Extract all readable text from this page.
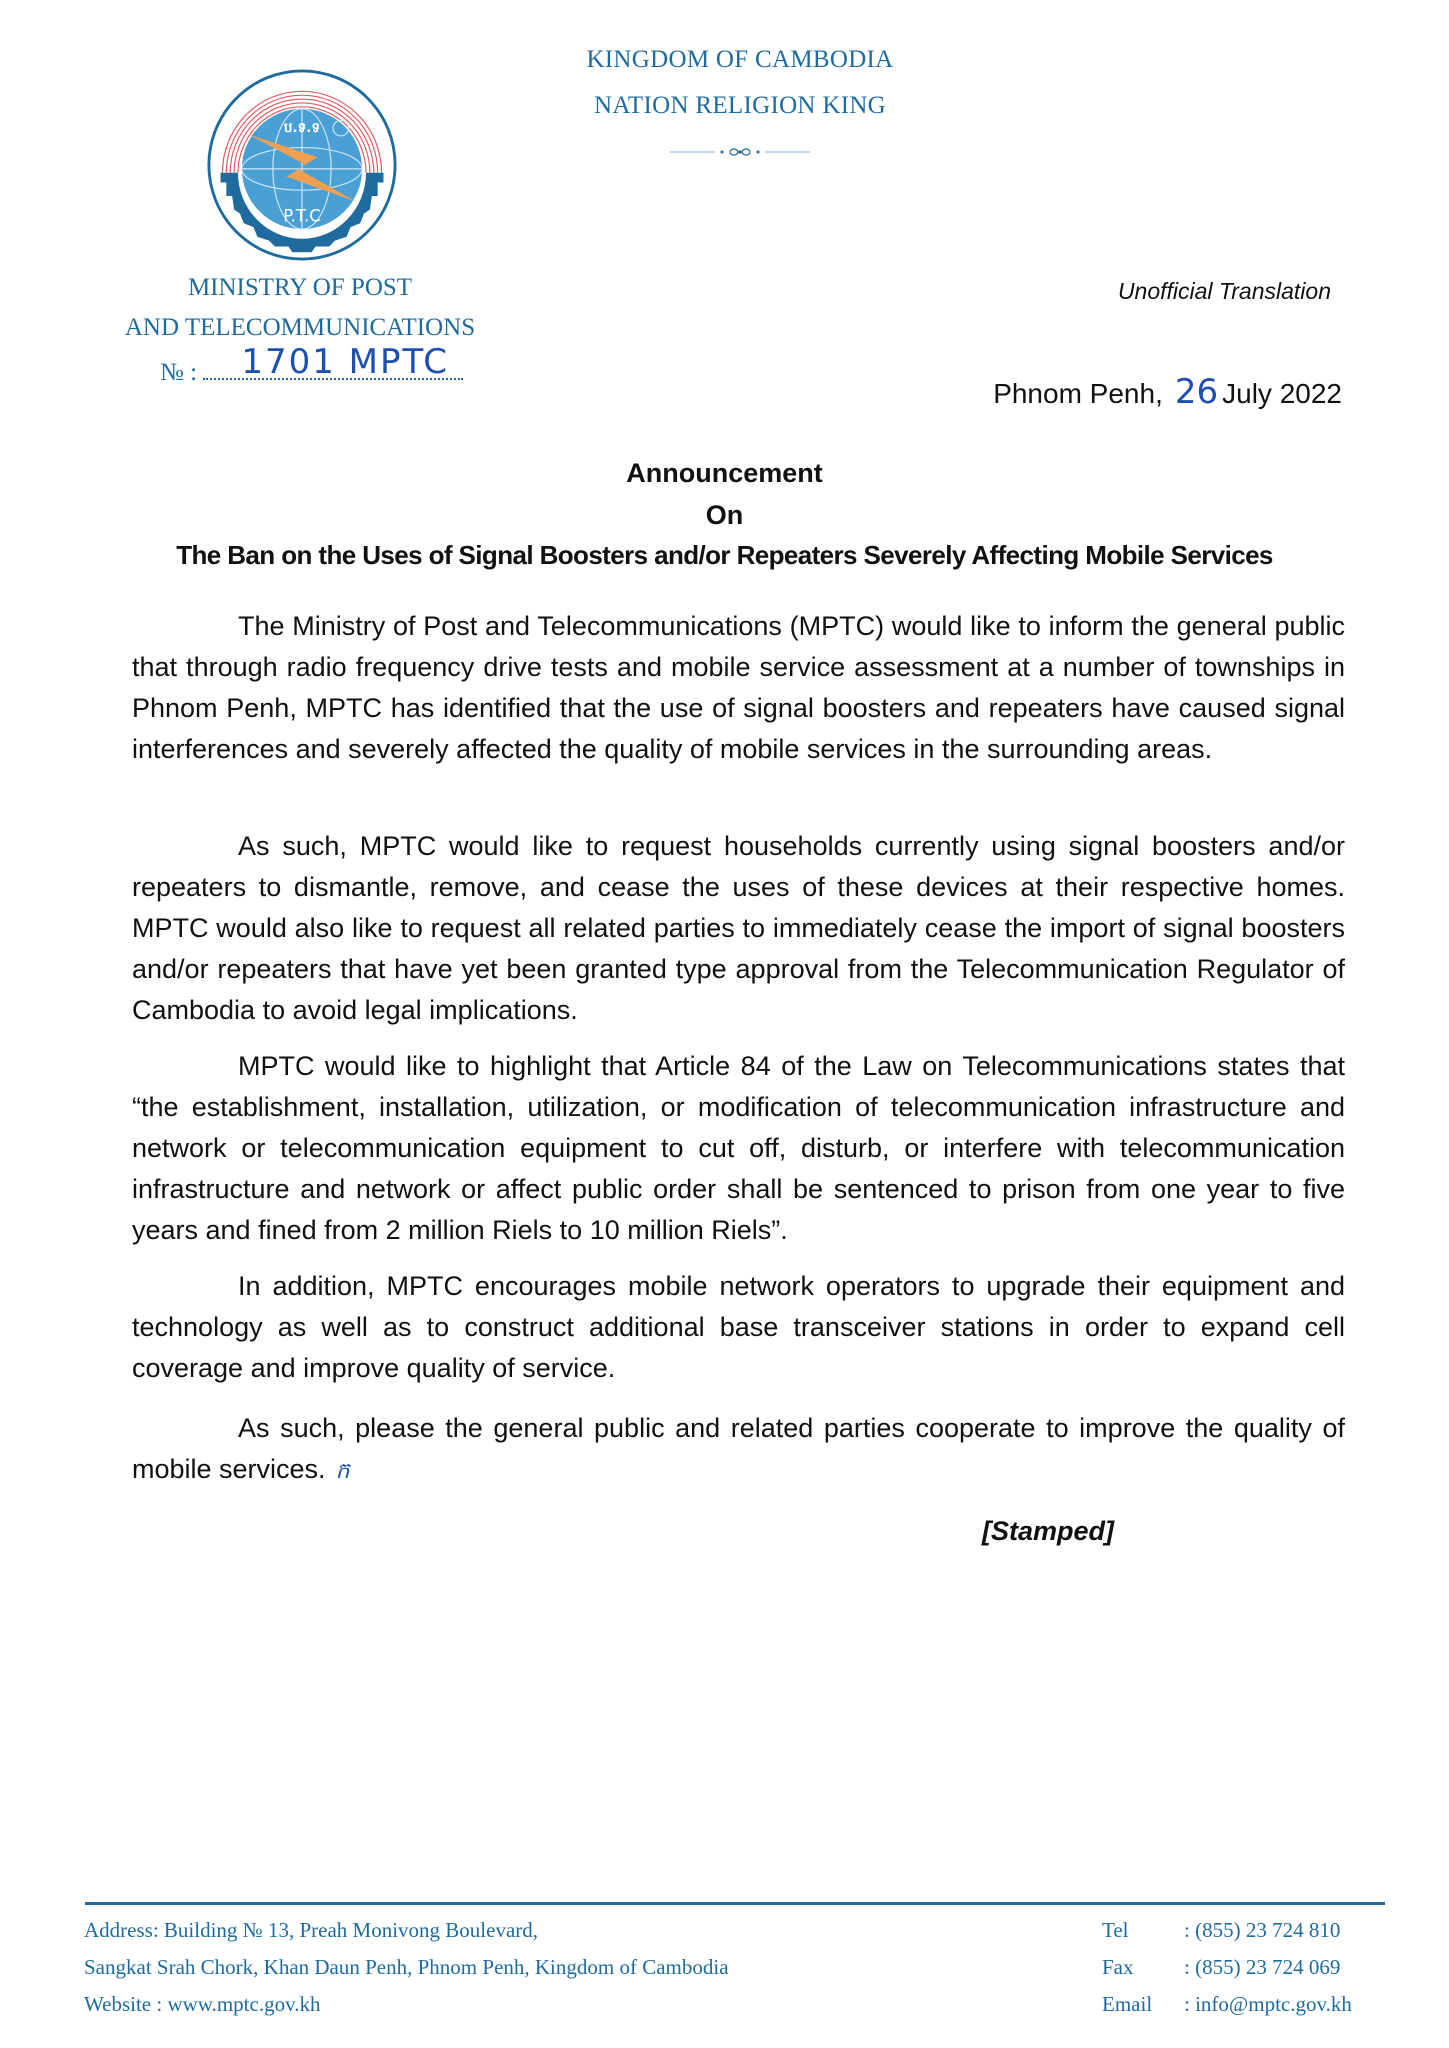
KINGDOM OF CAMBODIA
NATION RELIGION KING
ប.ទ.ទ
P.T.C
MINISTRY OF POST
AND TELECOMMUNICATIONS
№ : 1701 MPTC
Unofficial Translation
Phnom Penh, 26 July 2022
Announcement
On
The Ban on the Uses of Signal Boosters and/or Repeaters Severely Affecting Mobile Services

The Ministry of Post and Telecommunications (MPTC) would like to inform the general public that through radio frequency drive tests and mobile service assessment at a number of townships in Phnom Penh, MPTC has identified that the use of signal boosters and repeaters have caused signal interferences and severely affected the quality of mobile services in the surrounding areas.

As such, MPTC would like to request households currently using signal boosters and/or repeaters to dismantle, remove, and cease the uses of these devices at their respective homes. MPTC would also like to request all related parties to immediately cease the import of signal boosters and/or repeaters that have yet been granted type approval from the Telecommunication Regulator of Cambodia to avoid legal implications.

MPTC would like to highlight that Article 84 of the Law on Telecommunications states that “the establishment, installation, utilization, or modification of telecommunication infrastructure and network or telecommunication equipment to cut off, disturb, or interfere with telecommunication infrastructure and network or affect public order shall be sentenced to prison from one year to five years and fined from 2 million Riels to 10 million Riels”.

In addition, MPTC encourages mobile network operators to upgrade their equipment and technology as well as to construct additional base transceiver stations in order to expand cell coverage and improve quality of service.

As such, please the general public and related parties cooperate to improve the quality of mobile services. ក

[Stamped]
Address: Building № 13, Preah Monivong Boulevard,
Sangkat Srah Chork, Khan Daun Penh, Phnom Penh, Kingdom of Cambodia
Website : www.mptc.gov.kh
Tel	: (855) 23 724 810
Fax : (855) 23 724 069
Email : info@mptc.gov.kh
